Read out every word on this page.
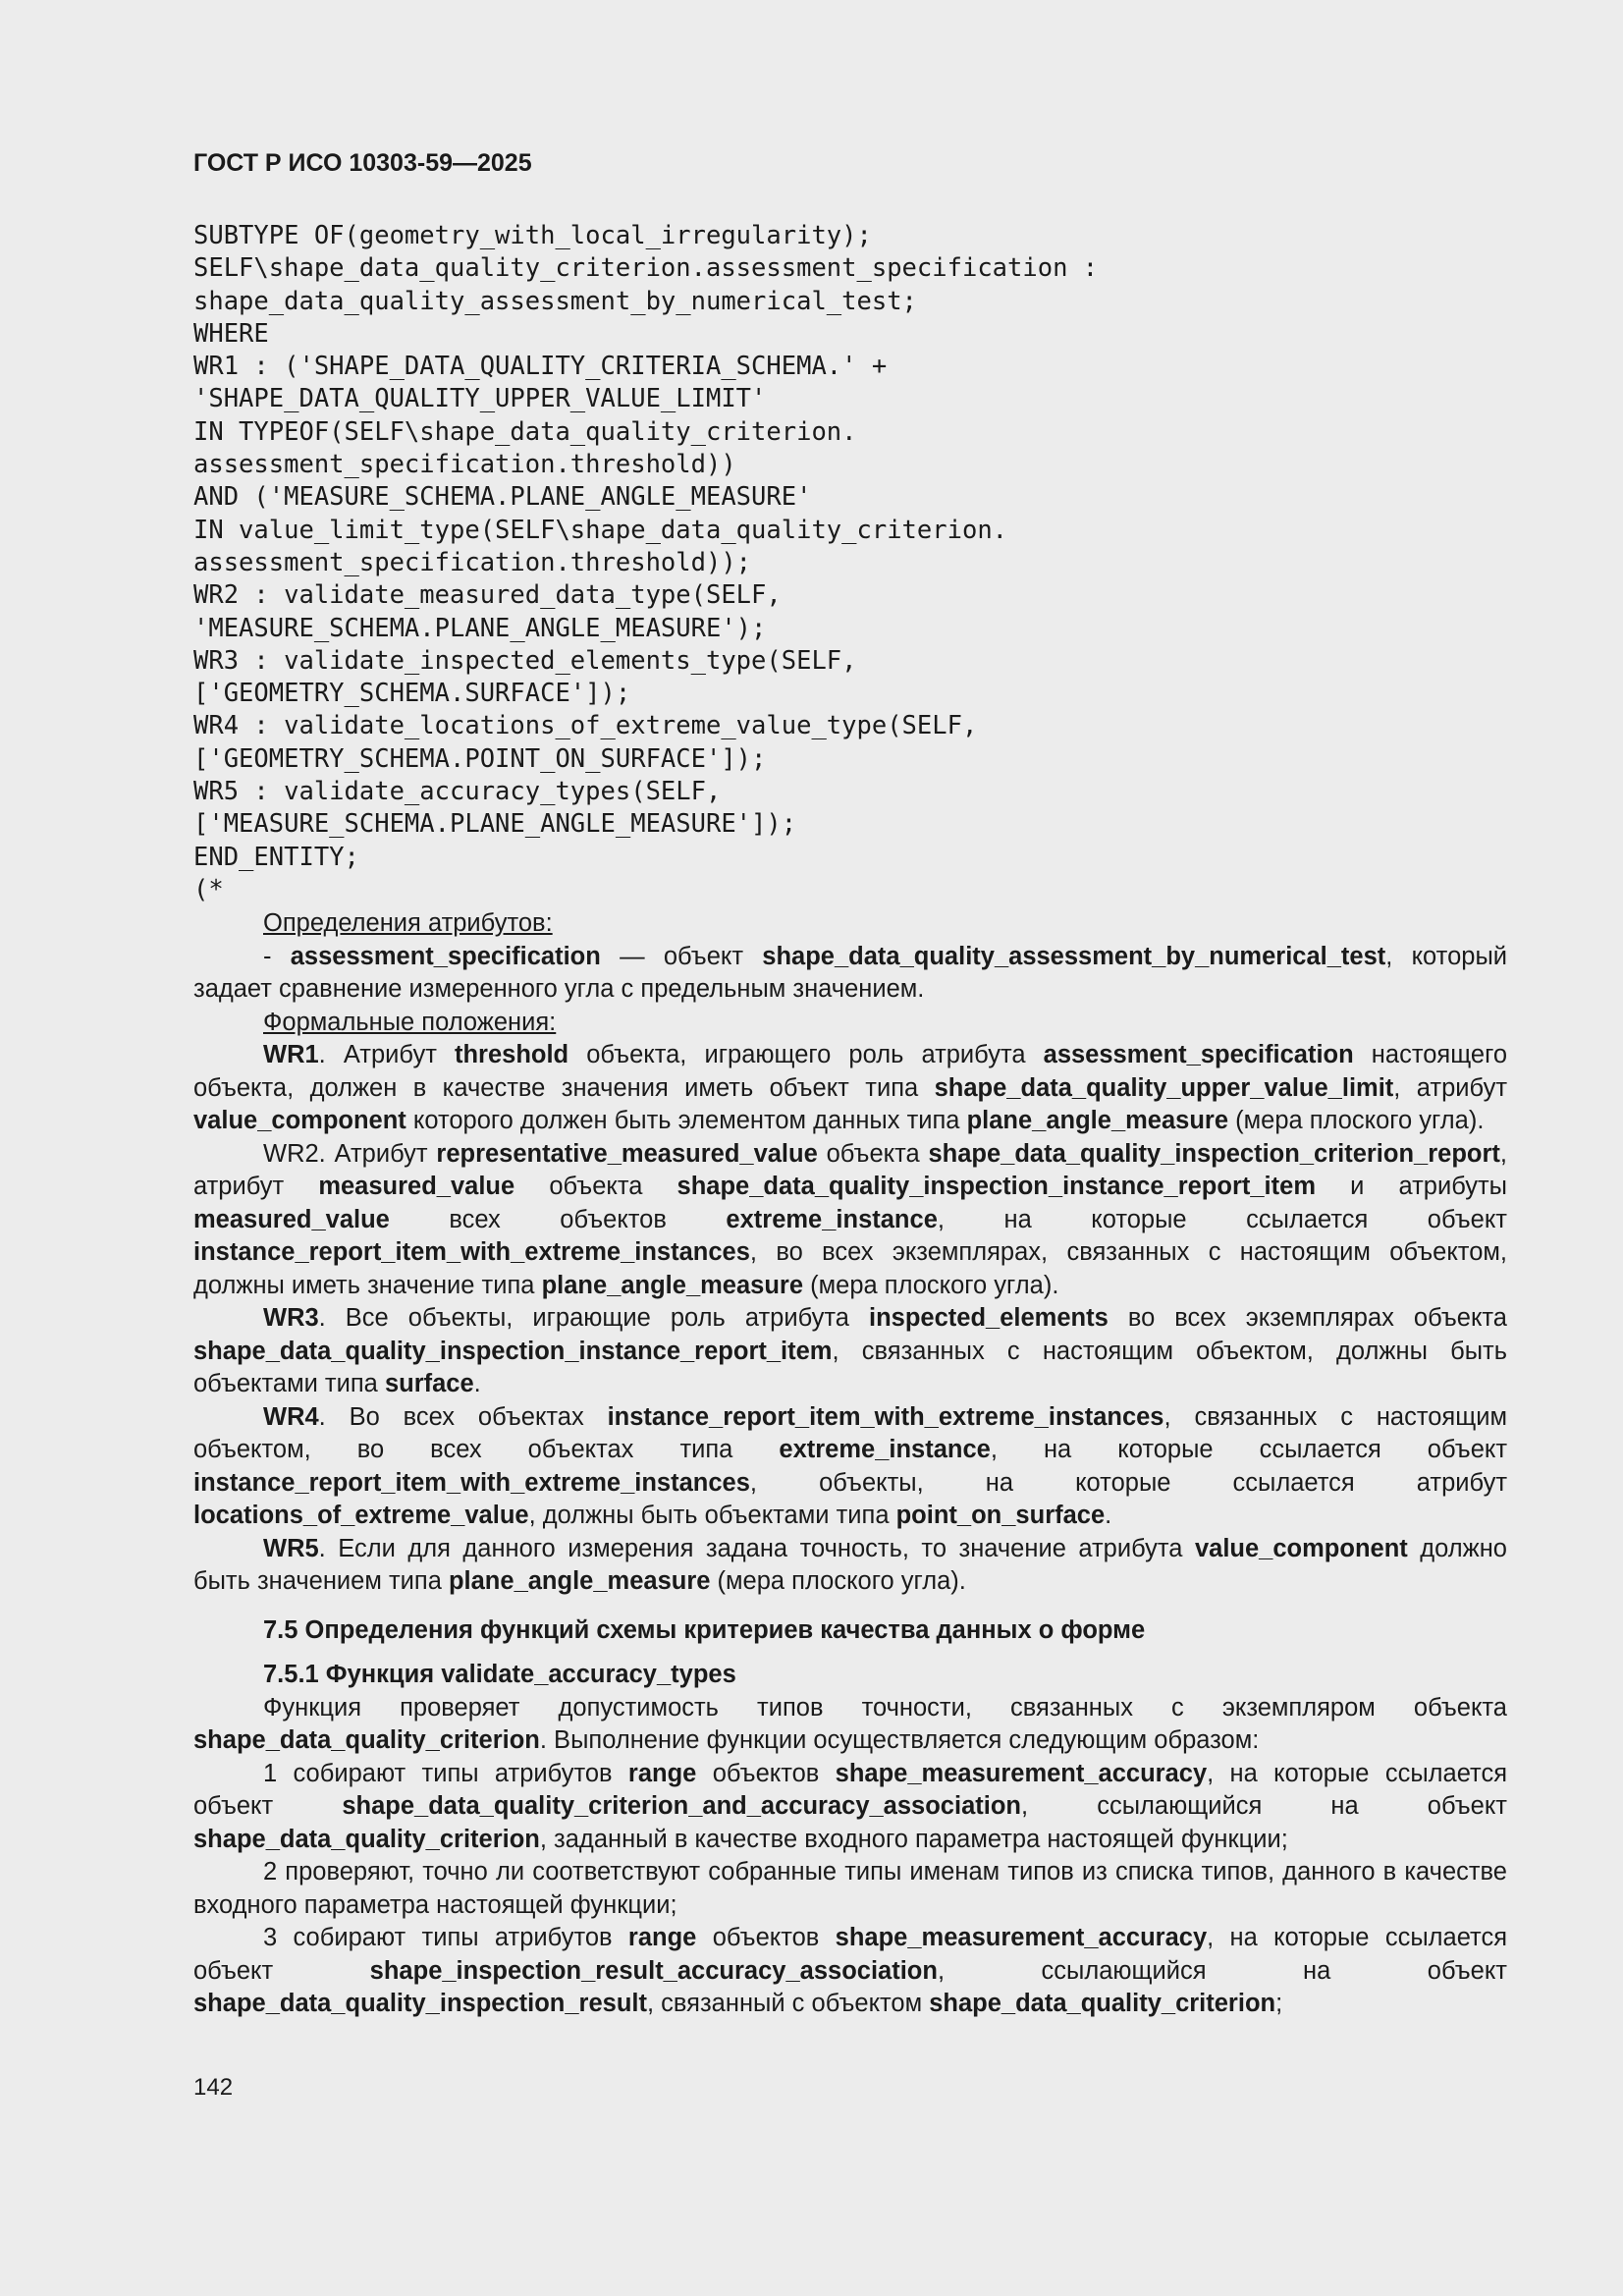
ГОСТ Р ИСО 10303-59—2025
SUBTYPE OF(geometry_with_local_irregularity);
SELF\shape_data_quality_criterion.assessment_specification :
shape_data_quality_assessment_by_numerical_test;
WHERE
WR1 : ('SHAPE_DATA_QUALITY_CRITERIA_SCHEMA.' +
'SHAPE_DATA_QUALITY_UPPER_VALUE_LIMIT'
IN TYPEOF(SELF\shape_data_quality_criterion.
assessment_specification.threshold))
AND ('MEASURE_SCHEMA.PLANE_ANGLE_MEASURE'
IN value_limit_type(SELF\shape_data_quality_criterion.
assessment_specification.threshold));
WR2 : validate_measured_data_type(SELF,
'MEASURE_SCHEMA.PLANE_ANGLE_MEASURE');
WR3 : validate_inspected_elements_type(SELF,
['GEOMETRY_SCHEMA.SURFACE']);
WR4 : validate_locations_of_extreme_value_type(SELF,
['GEOMETRY_SCHEMA.POINT_ON_SURFACE']);
WR5 : validate_accuracy_types(SELF,
['MEASURE_SCHEMA.PLANE_ANGLE_MEASURE']);
END_ENTITY;
(*

Определения атрибутов:

- assessment_specification — объект shape_data_quality_assessment_by_numerical_test, который задает сравнение измеренного угла с предельным значением.

Формальные положения:

WR1. Атрибут threshold объекта, играющего роль атрибута assessment_specification настоящего объекта, должен в качестве значения иметь объект типа shape_data_quality_upper_value_limit, атрибут value_component которого должен быть элементом данных типа plane_angle_measure (мера плоского угла).

WR2. Атрибут representative_measured_value объекта shape_data_quality_inspection_criterion_report, атрибут measured_value объекта shape_data_quality_inspection_instance_report_item и атрибуты measured_value всех объектов extreme_instance, на которые ссылается объект instance_report_item_with_extreme_instances, во всех экземплярах, связанных с настоящим объектом, должны иметь значение типа plane_angle_measure (мера плоского угла).

WR3. Все объекты, играющие роль атрибута inspected_elements во всех экземплярах объекта shape_data_quality_inspection_instance_report_item, связанных с настоящим объектом, должны быть объектами типа surface.

WR4. Во всех объектах instance_report_item_with_extreme_instances, связанных с настоящим объектом, во всех объектах типа extreme_instance, на которые ссылается объект instance_report_item_with_extreme_instances, объекты, на которые ссылается атрибут locations_of_extreme_value, должны быть объектами типа point_on_surface.

WR5. Если для данного измерения задана точность, то значение атрибута value_component должно быть значением типа plane_angle_measure (мера плоского угла).

7.5 Определения функций схемы критериев качества данных о форме

7.5.1 Функция validate_accuracy_types

Функция проверяет допустимость типов точности, связанных с экземпляром объекта shape_data_quality_criterion. Выполнение функции осуществляется следующим образом:

1 собирают типы атрибутов range объектов shape_measurement_accuracy, на которые ссылается объект shape_data_quality_criterion_and_accuracy_association, ссылающийся на объект shape_data_quality_criterion, заданный в качестве входного параметра настоящей функции;

2 проверяют, точно ли соответствуют собранные типы именам типов из списка типов, данного в качестве входного параметра настоящей функции;

3 собирают типы атрибутов range объектов shape_measurement_accuracy, на которые ссылается объект shape_inspection_result_accuracy_association, ссылающийся на объект shape_data_quality_inspection_result, связанный с объектом shape_data_quality_criterion;

142
